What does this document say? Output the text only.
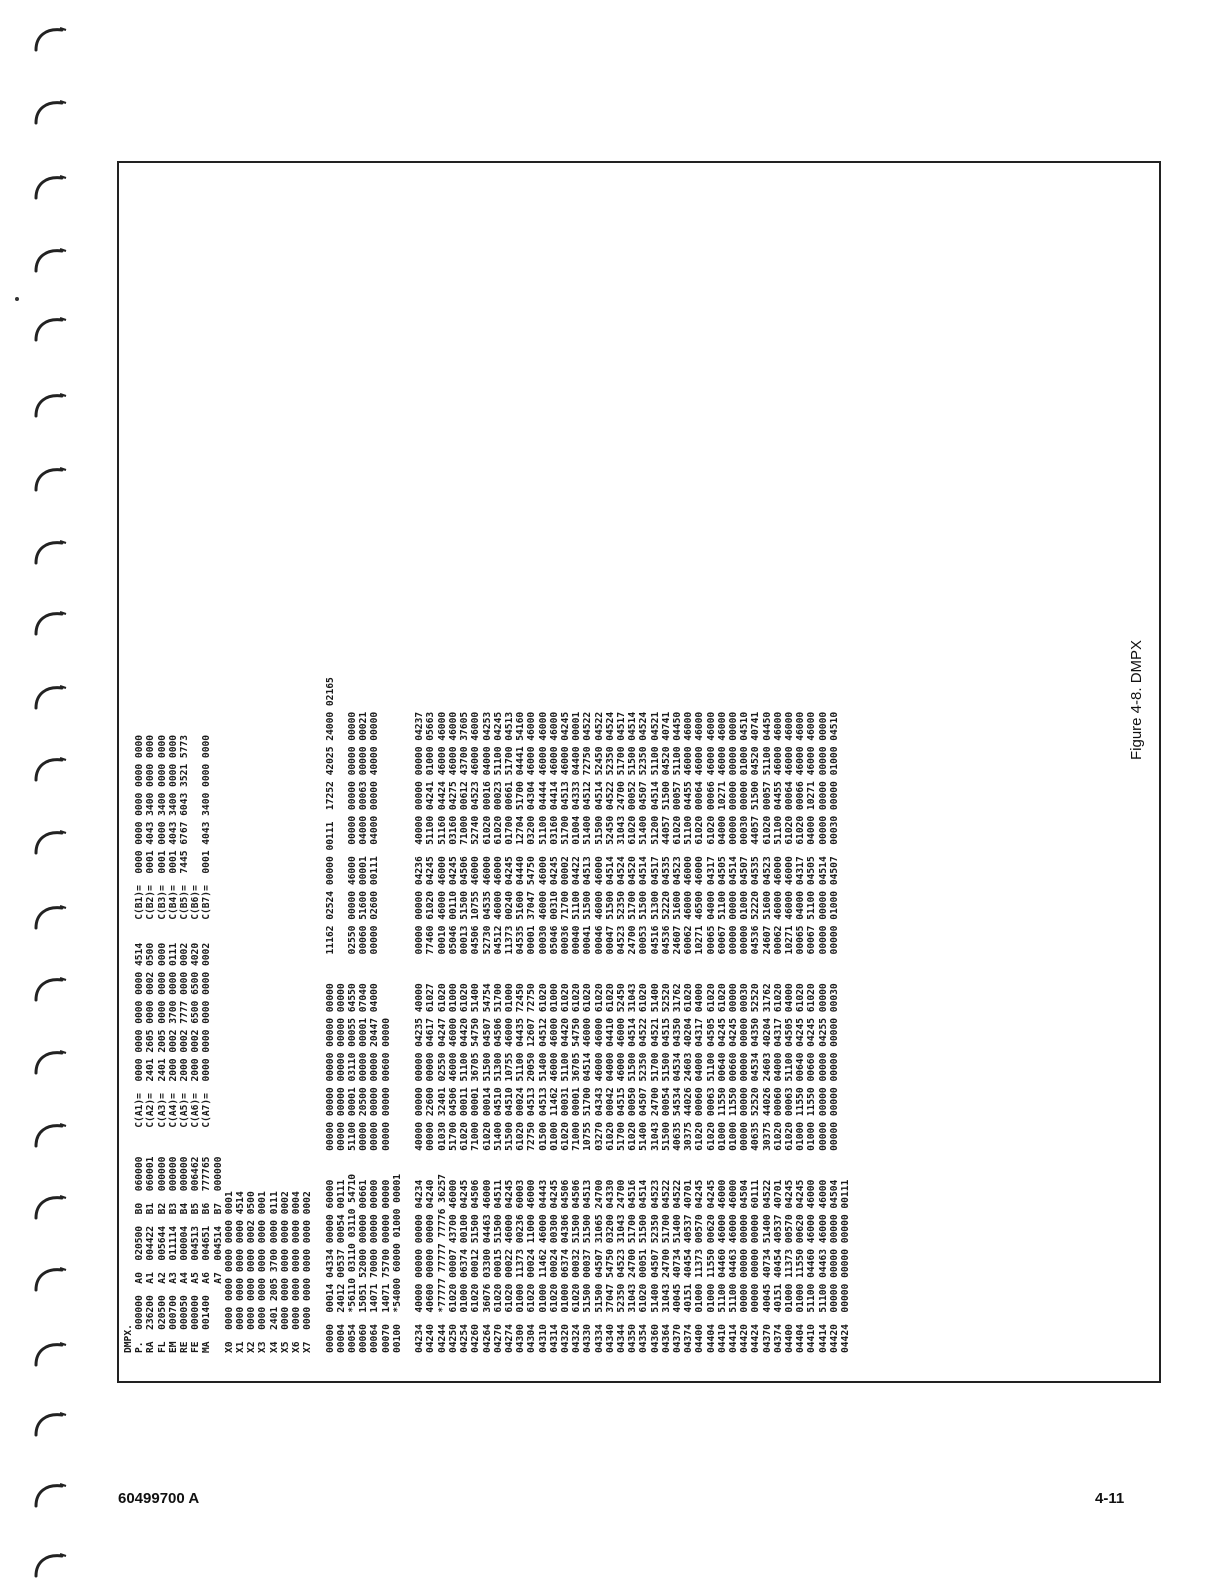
DMPX.
P.  000000  A0  020500  B0  060000     C(A1)=  0000 0000 0000 0000 4514    C(B1)=  0000 0000 0000 0000 0000
RA  236200  A1  004422  B1  060001     C(A2)=  2401 2605 0000 0002 0500    C(B2)=  0001 4043 3400 0000 0000
FL  020500  A2  005644  B2  000000     C(A3)=  2401 2005 0000 0000 0000    C(B3)=  0001 0000 3400 0000 0000
EM  000700  A3  011114  B3  000000     C(A4)=  2000 0002 3700 0000 0111    C(B4)=  0001 4043 3400 0000 0000
RE  000050  A4  000004  B4  000000     C(A5)=  2000 0002 7777 0000 0002    C(B5)=  7445 6767 6043 3521 5773
FE  000000  A5  004513  B5  006462     C(A6)=  2000 0002 6500 6500 4020    C(B6)=
MA  001400  A6  004651  B6  777765     C(A7)=  0000 0000 0000 0000 0002    C(B7)=  0001 4043 3400 0000 0000
A7  004514  B7  000000
X0  0000 0000 0000 0000 0001
X1  0000 0000 0000 0000 4514
X2  0000 0000 0000 0002 0500
X3  0000 0000 0000 0000 0001
X4  2401 2005 3700 0000 0111
X5  0000 0000 0000 0000 0002
X6  0000 0000 0000 0000 0004
X7  0000 0000 0000 0000 0002

00000  00014 04334 00000 60000     00000 00000 00000 00000 00000     11162 02524 00000 00111  17252 42025 24000 02165
00004  24012 00537 00054 00111     00000 00000 00000 00000 00000
00054  *56110 03110 03110 54710    51100 00001 03110 00055 64550     02550 00000 46000  00000 00000 00000 00000
00060  15051 52000 00000 00661     00000 20500 00000 00001 07040     00060 51600 00001  04000 00063 00000 00021
00064  14071 70000 00000 00000     00000 00000 00000 20447 04000     00000 02600 00111  04000 00000 40000 00000
00070  14071 75700 00000 00000     00000 00000 00600 00000
00100  *54000 60000 01000 00001

04234  40000 00000 00000 04234     40000 00000 00000 04235 40000     00000 00000 04236  40000 00000 00000 04237
04240  40600 00000 00000 04240     00000 22600 00000 04617 61027     77460 61020 04245  51100 04241 01000 05663
04244  *77777 77777 77776 36257    01030 32401 02550 04247 61020     00010 46000 46000  51160 04424 46000 46000
04250  61020 00007 43700 46000     51700 04506 46000 46000 01000     05046 00110 04245  03160 04275 46000 46000
04254  01000 06374 00100 04245     61020 00011 51100 04420 61020     00013 51500 04506  71000 00612 43700 37605
04260  61020 00012 51500 04506     71000 00001 36705 54750 51400     04506 10755 46000  52740 04523 46000 46000
04264  36076 03300 04463 46000     61020 00014 51500 04507 54754     52730 04535 46000  61020 00016 04000 04253
04270  61020 00015 51500 04511     51400 04510 51300 04506 51700     04512 46000 46000  61020 00023 51100 04245
04274  61020 00022 46000 04245     51500 04510 10755 46000 01000     11373 00240 04245  01700 00661 51700 04513
04300  01000 11373 00236 60003     61020 00024 51100 04435 72450     04535 51600 04440  12704 51700 04441 54160
04304  61020 00024 11000 46000     72750 04513 20050 12607 72750     00001 37047 54750  03200 04304 46000 46000
04310  01000 11462 46000 04443     01500 04513 51400 04512 61020     00030 46000 46000  51100 04444 46000 46000
04314  61020 00024 00300 04245     01000 11462 46000 46000 01000     05046 00310 04245  03160 04414 46000 46000
04320  01000 06374 04306 04506     61020 00031 51100 04420 61020     00036 71700 00002  51700 04513 46000 04245
04324  61020 00032 51500 04506     71000 00001 36705 54750 61020     00040 51100 04422  01004 04333 04400 00001
04330  51500 00037 51500 04513     10755 51700 04514 46000 61020     00041 51500 04513  51400 04512 72750 04522
04334  51500 04507 31065 24700     03270 04343 46000 46000 61020     00046 46000 46000  51500 04514 52450 04522
04340  37047 54750 03200 04330     61020 00042 04000 04410 61020     00047 51500 04514  52450 04522 52350 04524
04344  52350 04523 31043 24700     51700 04515 46000 46000 52450     04523 52350 04524  31043 24700 51700 04517
04350  31043 24700 51700 04516     61020 00050 51500 04514 31043     24700 51700 04520  61020 00052 51500 04514
04354  61020 00051 51500 04514     51400 04507 52350 04522 61020     00053 51500 04514  51400 04507 52350 04524
04360  51400 04507 52350 04523     31043 24700 51700 04521 51400     04516 51300 04517  51200 04514 51100 04521
04364  31043 24700 51700 04522     51500 00054 51500 04515 52520     04536 52220 04535  44057 51500 04520 40741
04370  40045 40734 51400 04522     40635 54534 04534 04350 31762     24607 51600 04523  61020 00057 51100 04450
04374  40151 40454 40537 40701     30375 44026 24603 40204 61020     60062 46000 46000  51100 04455 46000 46000
04400  01000 11373 00570 04245     61020 00060 04000 04317 04000     10271 46500 46000  61020 00064 46000 46000
04404  01000 11550 00620 04245     61020 00063 51100 04505 61020     00065 04000 04317  61020 00066 46000 46000
04410  51100 04460 46000 46000     01000 11550 00640 04245 61020     60067 51100 04505  04000 10271 46000 46000
04414  51100 04463 46000 46000     01000 11550 00660 04245 00000     00000 00000 04514  00000 00000 00000 00000
04420  00000 00000 00000 04504     00000 00000 00000 00000 00030     00000 01000 04507  00030 00000 01000 04510
04424  00000 00000 00000 60111     40635 52520 04534 04350 52520     04536 52220 04535  44057 51500 04520 40741
04370  40045 40734 51400 04522     30375 44026 24603 40204 31762     24607 51600 04523  61020 00057 51100 04450
04374  40151 40454 40537 40701     61020 00060 04000 04317 61020     00062 46000 46000  51100 04455 46000 46000
04400  01000 11373 00570 04245     61020 00063 51100 04505 04000     10271 46000 46000  61020 00064 46000 46000
04404  01000 11550 00620 04245     01000 11550 00640 04245 61020     00065 04000 04317  61020 00066 46000 46000
04410  51100 04460 46000 46000     01000 11550 00660 04245 61020     60067 51100 04505  04000 10271 46000 46000
04414  51100 04463 46000 46000     00000 00000 00000 04255 00000     00000 00000 04514  00000 00000 00000 00000
04420  00000 00000 00000 04504     00000 00000 00000 00000 00030     00000 01000 04507  00030 00000 01000 04510
04424  00000 00000 00000 00111
Figure 4-8. DMPX
60499700 A	4-11
